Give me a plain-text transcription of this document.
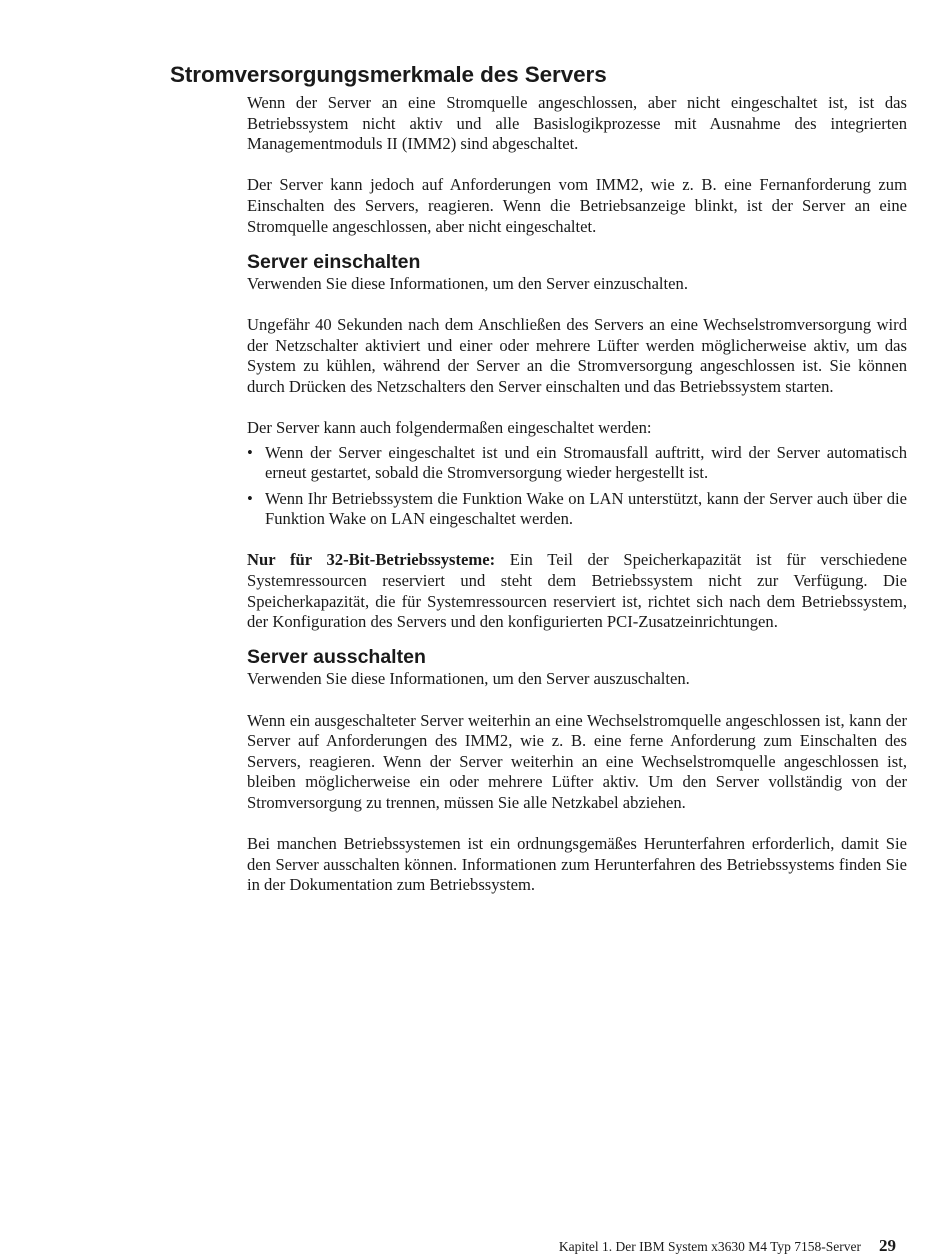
Stromversorgungsmerkmale des Servers

Wenn der Server an eine Stromquelle angeschlossen, aber nicht eingeschaltet ist, ist das Betriebssystem nicht aktiv und alle Basislogikprozesse mit Ausnahme des integrierten Managementmoduls II (IMM2) sind abgeschaltet.

Der Server kann jedoch auf Anforderungen vom IMM2, wie z. B. eine Fernanforderung zum Einschalten des Servers, reagieren. Wenn die Betriebsanzeige blinkt, ist der Server an eine Stromquelle angeschlossen, aber nicht eingeschaltet.

Server einschalten

Verwenden Sie diese Informationen, um den Server einzuschalten.

Ungefähr 40 Sekunden nach dem Anschließen des Servers an eine Wechselstromversorgung wird der Netzschalter aktiviert und einer oder mehrere Lüfter werden möglicherweise aktiv, um das System zu kühlen, während der Server an die Stromversorgung angeschlossen ist. Sie können durch Drücken des Netzschalters den Server einschalten und das Betriebssystem starten.

Der Server kann auch folgendermaßen eingeschaltet werden:

• Wenn der Server eingeschaltet ist und ein Stromausfall auftritt, wird der Server automatisch erneut gestartet, sobald die Stromversorgung wieder hergestellt ist.
• Wenn Ihr Betriebssystem die Funktion Wake on LAN unterstützt, kann der Server auch über die Funktion Wake on LAN eingeschaltet werden.

Nur für 32-Bit-Betriebssysteme: Ein Teil der Speicherkapazität ist für verschiedene Systemressourcen reserviert und steht dem Betriebssystem nicht zur Verfügung. Die Speicherkapazität, die für Systemressourcen reserviert ist, richtet sich nach dem Betriebssystem, der Konfiguration des Servers und den konfigurierten PCI-Zusatzeinrichtungen.

Server ausschalten

Verwenden Sie diese Informationen, um den Server auszuschalten.

Wenn ein ausgeschalteter Server weiterhin an eine Wechselstromquelle angeschlossen ist, kann der Server auf Anforderungen des IMM2, wie z. B. eine ferne Anforderung zum Einschalten des Servers, reagieren. Wenn der Server weiterhin an eine Wechselstromquelle angeschlossen ist, bleiben möglicherweise ein oder mehrere Lüfter aktiv. Um den Server vollständig von der Stromversorgung zu trennen, müssen Sie alle Netzkabel abziehen.

Bei manchen Betriebssystemen ist ein ordnungsgemäßes Herunterfahren erforderlich, damit Sie den Server ausschalten können. Informationen zum Herunterfahren des Betriebssystems finden Sie in der Dokumentation zum Betriebssystem.

Kapitel 1. Der IBM System x3630 M4 Typ 7158-Server 29
